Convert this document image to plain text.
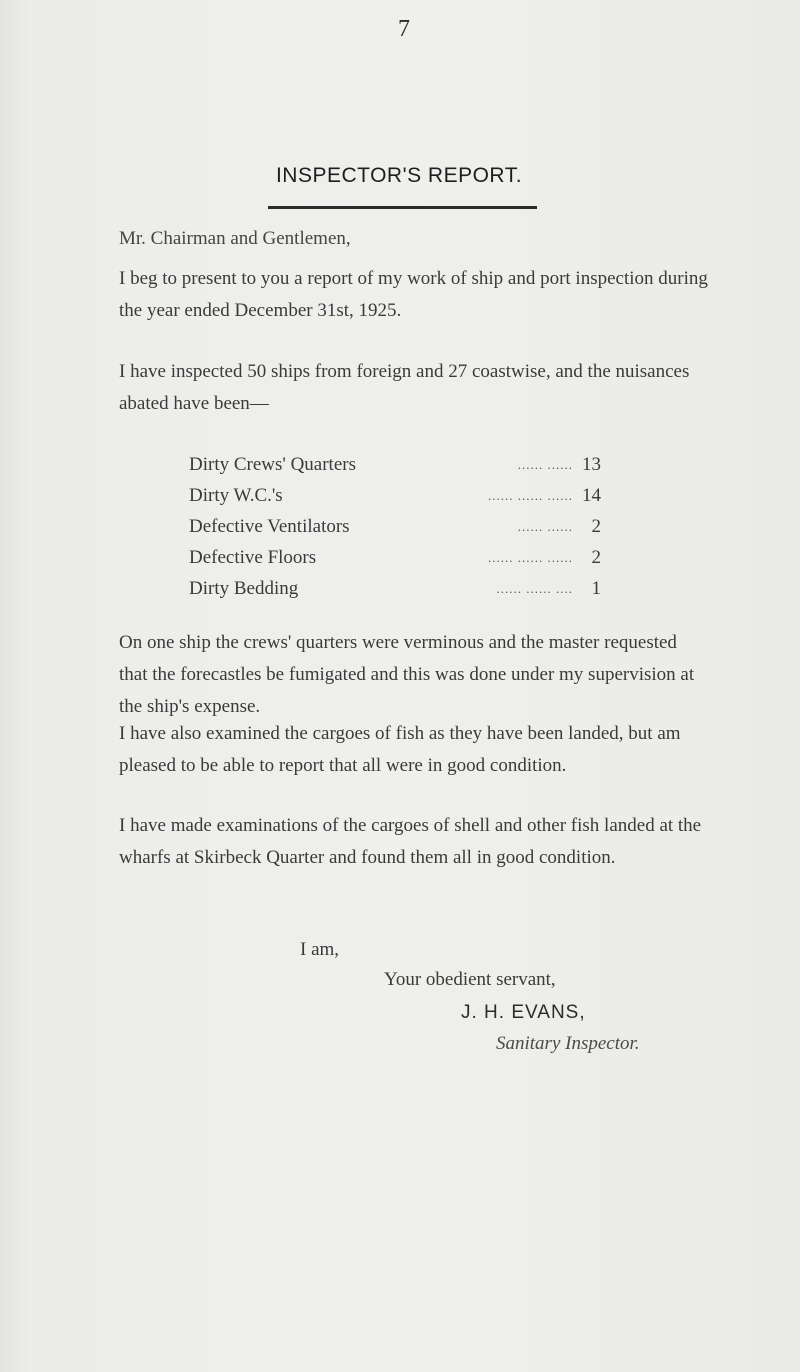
7
INSPECTOR'S REPORT.
Mr. Chairman and Gentlemen,
I beg to present to you a report of my work of ship and port inspection during the year ended December 31st, 1925.
I have inspected 50 ships from foreign and 27 coastwise, and the nuisances abated have been—
Dirty Crews' Quarters	...... ...... 13
Dirty W.C.'s	...... ...... ...... 14
Defective Ventilators	...... ...... 2
Defective Floors	...... ...... ...... 2
Dirty Bedding	...... ...... .... 1
On one ship the crews' quarters were verminous and the master requested that the forecastles be fumigated and this was done under my supervision at the ship's expense.
I have also examined the cargoes of fish as they have been landed, but am pleased to be able to report that all were in good condition.
I have made examinations of the cargoes of shell and other fish landed at the wharfs at Skirbeck Quarter and found them all in good condition.
I am,
Your obedient servant,
J. H. EVANS,
Sanitary Inspector.
